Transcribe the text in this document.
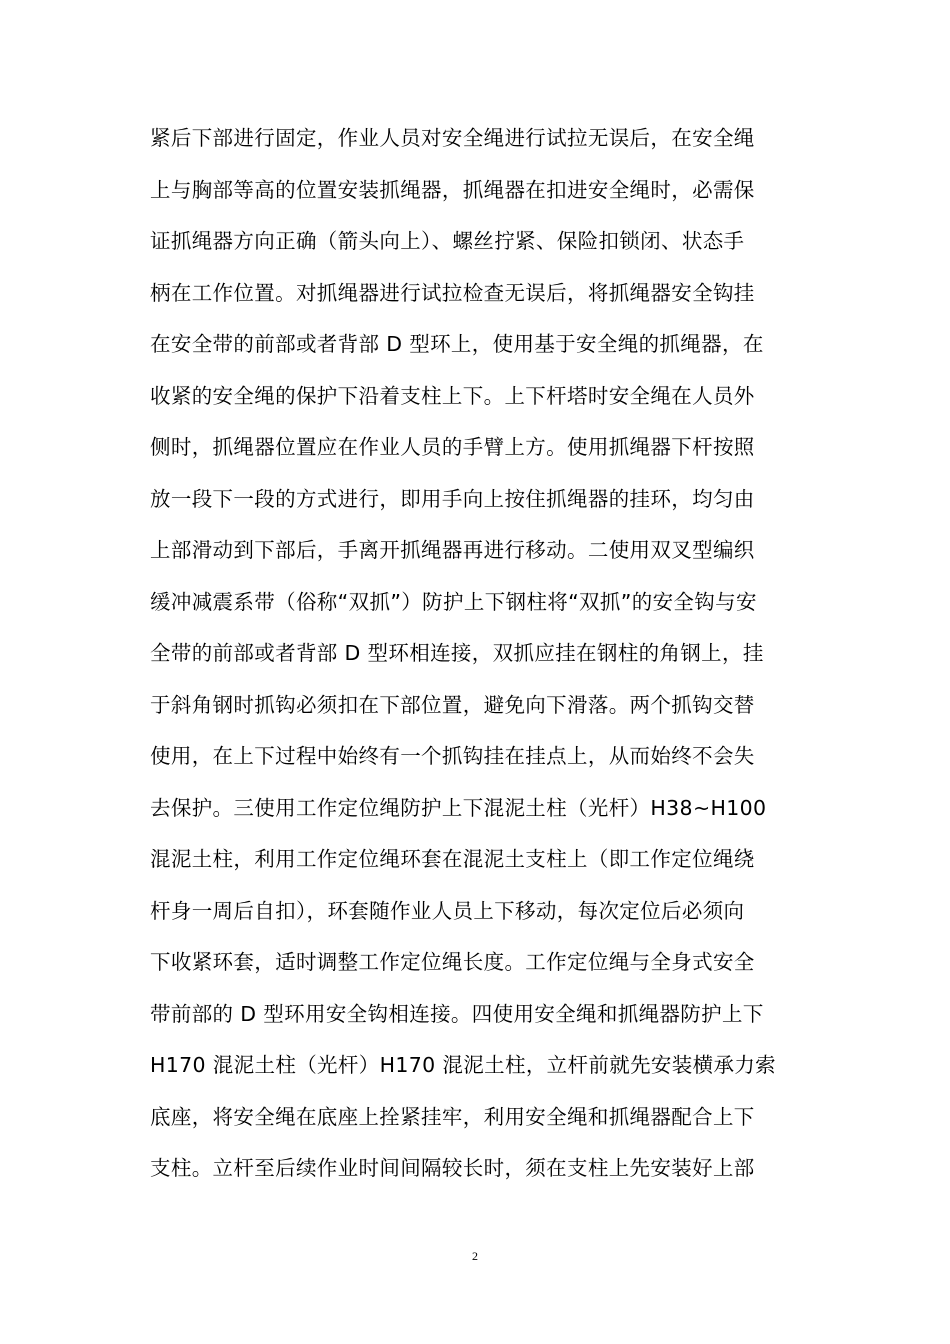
紧后下部进行固定，作业人员对安全绳进行试拉无误后，在安全绳
上与胸部等高的位置安装抓绳器，抓绳器在扣进安全绳时，必需保
证抓绳器方向正确（箭头向上）、螺丝拧紧、保险扣锁闭、状态手
柄在工作位置。对抓绳器进行试拉检查无误后，将抓绳器安全钩挂
在安全带的前部或者背部 D 型环上，使用基于安全绳的抓绳器，在
收紧的安全绳的保护下沿着支柱上下。上下杆塔时安全绳在人员外
侧时，抓绳器位置应在作业人员的手臂上方。使用抓绳器下杆按照
放一段下一段的方式进行，即用手向上按住抓绳器的挂环，均匀由
上部滑动到下部后，手离开抓绳器再进行移动。二使用双叉型编织
缓冲减震系带（俗称“双抓”）防护上下钢柱将“双抓”的安全钩与安
全带的前部或者背部 D 型环相连接，双抓应挂在钢柱的角钢上，挂
于斜角钢时抓钩必须扣在下部位置，避免向下滑落。两个抓钩交替
使用，在上下过程中始终有一个抓钩挂在挂点上，从而始终不会失
去保护。三使用工作定位绳防护上下混泥土柱（光杆）H38~H100
混泥土柱，利用工作定位绳环套在混泥土支柱上（即工作定位绳绕
杆身一周后自扣），环套随作业人员上下移动，每次定位后必须向
下收紧环套，适时调整工作定位绳长度。工作定位绳与全身式安全
带前部的 D 型环用安全钩相连接。四使用安全绳和抓绳器防护上下
H170 混泥土柱（光杆）H170 混泥土柱，立杆前就先安装横承力索
底座，将安全绳在底座上拴紧挂牢，利用安全绳和抓绳器配合上下
支柱。立杆至后续作业时间间隔较长时，须在支柱上先安装好上部
2
